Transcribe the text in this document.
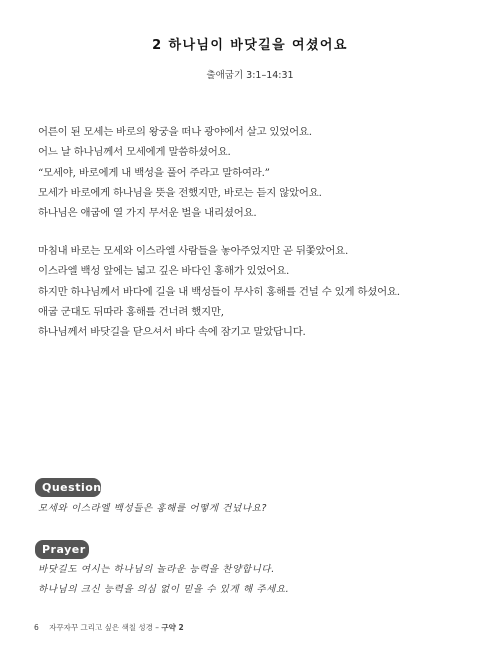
2 하나님이 바닷길을 여셨어요
출애굽기 3:1–14:31
어른이 된 모세는 바로의 왕궁을 떠나 광야에서 살고 있었어요.
어느 날 하나님께서 모세에게 말씀하셨어요.
“모세야, 바로에게 내 백성을 풀어 주라고 말하여라.”
모세가 바로에게 하나님을 뜻을 전했지만, 바로는 듣지 않았어요.
하나님은 애굽에 열 가지 무서운 벌을 내리셨어요.
마침내 바로는 모세와 이스라엘 사람들을 놓아주었지만 곧 뒤쫓았어요.
이스라엘 백성 앞에는 넓고 깊은 바다인 홍해가 있었어요.
하지만 하나님께서 바다에 길을 내 백성들이 무사히 홍해를 건널 수 있게 하셨어요.
애굽 군대도 뒤따라 홍해를 건너려 했지만,
하나님께서 바닷길을 닫으셔서 바다 속에 잠기고 말았답니다.
Question
모세와 이스라엘 백성들은 홍해를 어떻게 건넜나요?
Prayer
바닷길도 여시는 하나님의 놀라운 능력을 찬양합니다.
하나님의 크신 능력을 의심 없이 믿을 수 있게 해 주세요.
6 자꾸자꾸 그리고 싶은 색칠 성경 – 구약 2
